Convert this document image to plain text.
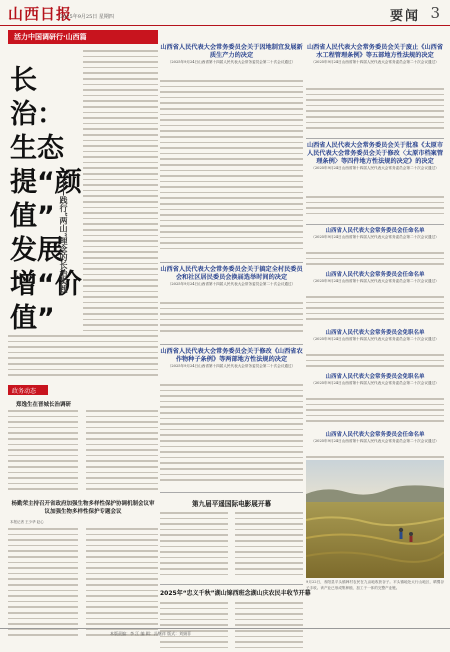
山西日报
2025年9月25日 星期四	要闻 3
活力中国调研行·山西篇
长治：生态提“颜值” 发展增“价值”
——践行“两山”理念的长治实践
政务动态
郑逸生在晋城长治调研
杨勤荣主持召开省政府加强生物多样性保护协调机制会议审议加强生物多样性保护专题会议
本报记者 王少华 赵心
山西省人民代表大会常务委员会关于因地制宜发展新质生产力的决定
（2025年9月24日山西省第十四届人民代表大会常务委员会第二十次会议通过）
山西省人民代表大会常务委员会关于搞定全村民委员会和社区居民委员会换届选举时间的决定
（2025年9月24日山西省第十四届人民代表大会常务委员会第二十次会议通过）
山西省人民代表大会常务委员会关于修改《山西省农作物种子条例》等两部地方性法规的决定
（2025年9月24日山西省第十四届人民代表大会常务委员会第二十次会议通过）
第九届平遥国际电影展开幕
2025年“忠义千秋”湖山锦西班念湖山庆农民丰收节开幕
山西省人民代表大会常务委员会关于废止《山西省水工程管理条例》等五部地方性法规的决定
（2025年9月24日山西省第十四届人民代表大会常务委员会第二十次会议通过）
山西省人民代表大会常务委员会关于批准《太原市人民代表大会常务委员会关于修改〈太原市档案管理条例〉等四件地方性法规的决定》的决定
（2025年9月24日山西省第十四届人民代表大会常务委员会第二十次会议通过）
山西省人民代表大会常务委员会任命名单
（2025年9月24日山西省第十四届人民代表大会常务委员会第二十次会议通过）
山西省人民代表大会常务委员会任命名单
（2025年9月24日山西省第十四届人民代表大会常务委员会第二十次会议通过）
山西省人民代表大会常务委员会免职名单
（2025年9月24日山西省第十四届人民代表大会常务委员会第二十次会议通过）
山西省人民代表大会常务委员会免职名单
（2025年9月24日山西省第十四届人民代表大会常务委员会第二十次会议通过）
山西省人民代表大会常务委员会任命名单
（2025年9月24日山西省第十四届人民代表大会常务委员会第二十次会议通过）
9月22日，寿阳县平头镇韩村农民在九亩地收获谷子。平头镇地处太行山地区，晴蜀谷子丰收。该产业已形成集种植、加工于一体的完整产业链。
本版责编：李 江 编 辑：冯继祥 版式：刘娟菲
